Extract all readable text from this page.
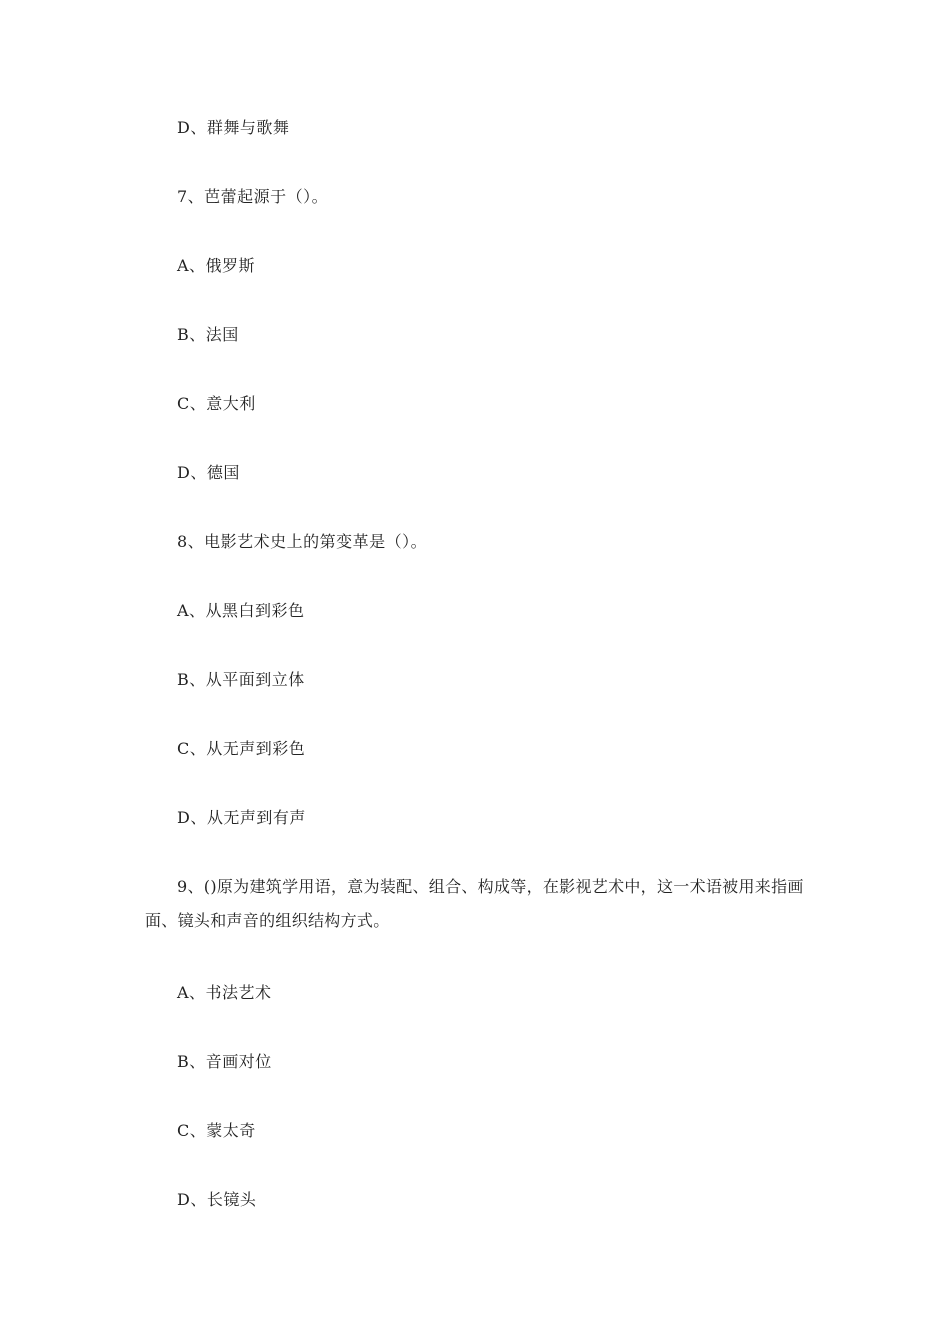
D、群舞与歌舞
7、芭蕾起源于（）。
A、俄罗斯
B、法国
C、意大利
D、德国
8、电影艺术史上的第变革是（）。
A、从黑白到彩色
B、从平面到立体
C、从无声到彩色
D、从无声到有声
9、()原为建筑学用语，意为装配、组合、构成等，在影视艺术中，这一术语被用来指画面、镜头和声音的组织结构方式。
A、书法艺术
B、音画对位
C、蒙太奇
D、长镜头
